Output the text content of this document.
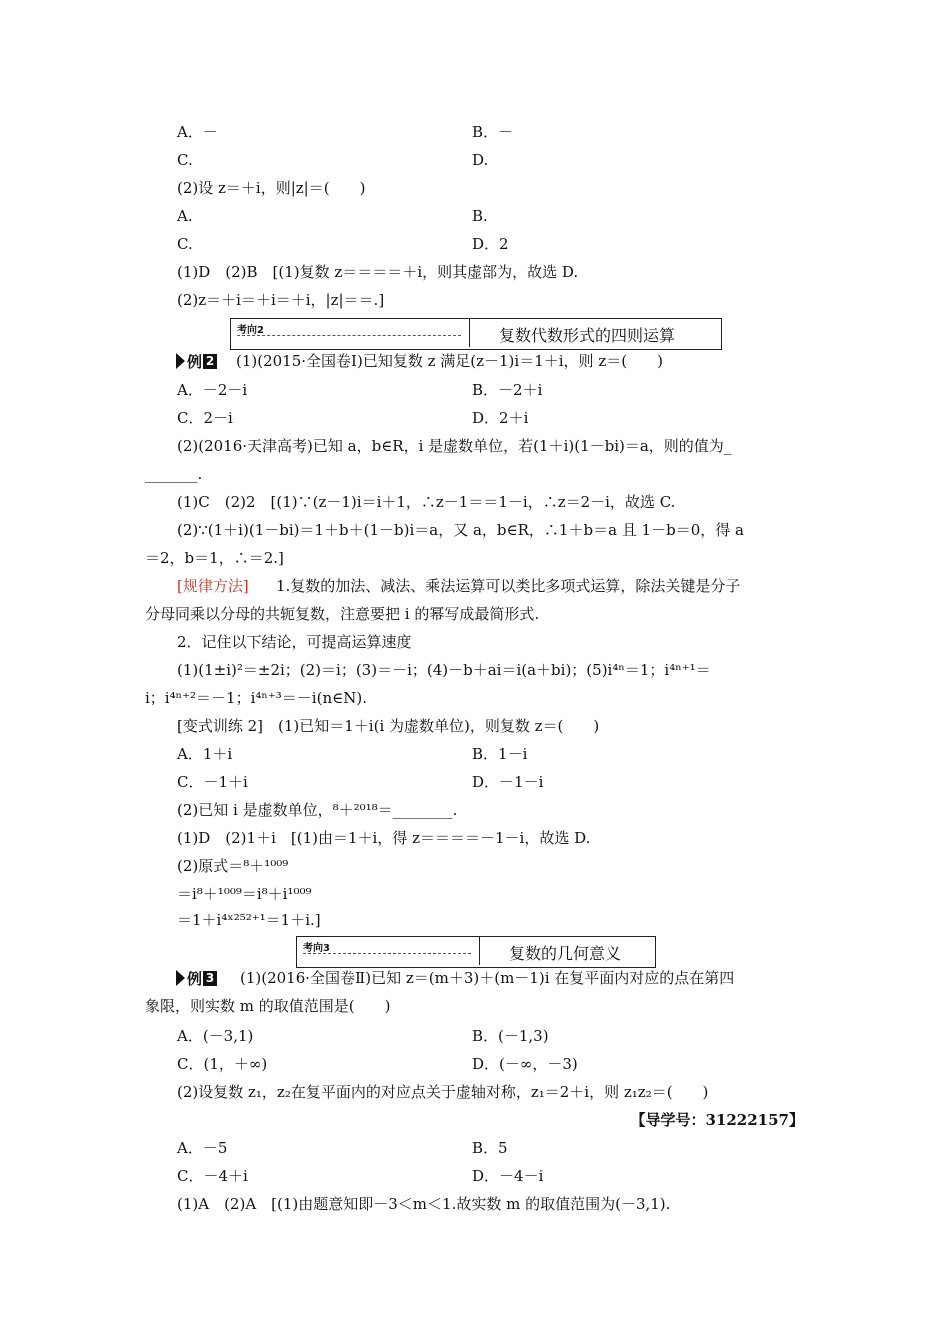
A．－	B．－
C.	D.
(2)设 z＝＋i，则|z|＝(　　)
A.	B.
C.	D．2
(1)D　(2)B　[(1)复数 z＝＝＝＝＋i，则其虚部为，故选 D.
(2)z＝＋i＝＋i＝＋i，|z|＝＝.]
考向2	复数代数形式的四则运算
例 2 (1)(2015·全国卷Ⅰ)已知复数 z 满足(z－1)i＝1＋i，则 z＝(　　)
A．－2－i	B．－2＋i
C．2－i	D．2＋i
(2)(2016·天津高考)已知 a，b∈R，i 是虚数单位，若(1＋i)(1－bi)＝a，则的值为_
_______.
(1)C　(2)2　[(1)∵(z－1)i＝i＋1，∴z－1＝＝1－i，∴z＝2－i，故选 C.
(2)∵(1＋i)(1－bi)＝1＋b＋(1－b)i＝a，又 a，b∈R，∴1＋b＝a 且 1－b＝0，得 a
＝2，b＝1，∴＝2.]
[规律方法] 1.复数的加法、减法、乘法运算可以类比多项式运算，除法关键是分子
分母同乘以分母的共轭复数，注意要把 i 的幂写成最简形式.
2．记住以下结论，可提高运算速度
(1)(1±i)²＝±2i；(2)＝i；(3)＝－i；(4)－b＋ai＝i(a＋bi)；(5)i⁴ⁿ＝1；i⁴ⁿ⁺¹＝
i；i⁴ⁿ⁺²＝－1；i⁴ⁿ⁺³＝－i(n∈N).
[变式训练 2]　(1)已知＝1＋i(i 为虚数单位)，则复数 z＝(　　)
A．1＋i	B．1－i
C．－1＋i	D．－1－i
(2)已知 i 是虚数单位，⁸＋²⁰¹⁸＝________.
(1)D　(2)1＋i　[(1)由＝1＋i，得 z＝＝＝＝－1－i，故选 D.
(2)原式＝⁸＋¹⁰⁰⁹
＝i⁸＋¹⁰⁰⁹＝i⁸＋i¹⁰⁰⁹
＝1＋i⁴ˣ²⁵²⁺¹＝1＋i.]
考向3	复数的几何意义
例 3 (1)(2016·全国卷Ⅱ)已知 z＝(m＋3)＋(m－1)i 在复平面内对应的点在第四
象限，则实数 m 的取值范围是(　　)
A．(－3,1)	B．(－1,3)
C．(1，＋∞)	D．(－∞，－3)
(2)设复数 z₁，z₂在复平面内的对应点关于虚轴对称，z₁＝2＋i，则 z₁z₂＝(　　)
【导学号：31222157】
A．－5	B．5
C．－4＋i	D．－4－i
(1)A　(2)A　[(1)由题意知即－3＜m＜1.故实数 m 的取值范围为(－3,1).
